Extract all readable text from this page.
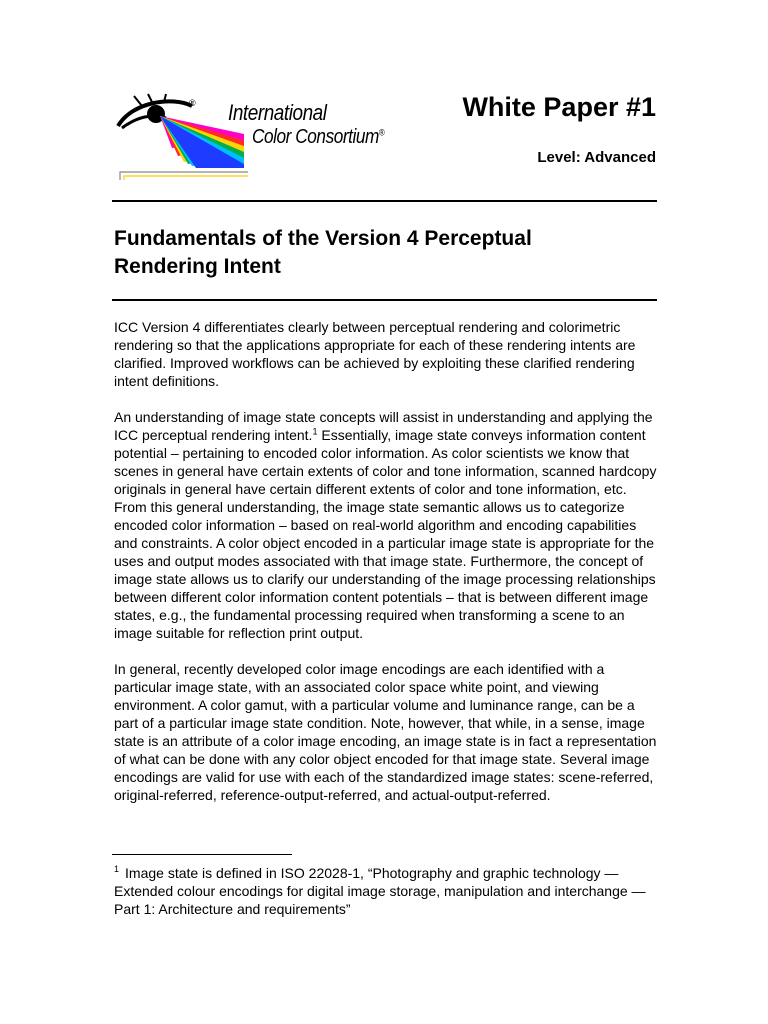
® International
Color Consortium®
White Paper #1
Level: Advanced
Fundamentals of the Version 4 Perceptual
Rendering Intent

ICC Version 4 differentiates clearly between perceptual rendering and colorimetric rendering so that the applications appropriate for each of these rendering intents are clarified. Improved workflows can be achieved by exploiting these clarified rendering intent definitions.

An understanding of image state concepts will assist in understanding and applying the ICC perceptual rendering intent.$^1$ Essentially, image state conveys information content potential – pertaining to encoded color information. As color scientists we know that scenes in general have certain extents of color and tone information, scanned hardcopy originals in general have certain different extents of color and tone information, etc. From this general understanding, the image state semantic allows us to categorize encoded color information – based on real-world algorithm and encoding capabilities and constraints. A color object encoded in a particular image state is appropriate for the uses and output modes associated with that image state. Furthermore, the concept of image state allows us to clarify our understanding of the image processing relationships between different color information content potentials – that is between different image states, e.g., the fundamental processing required when transforming a scene to an image suitable for reflection print output.

In general, recently developed color image encodings are each identified with a particular image state, with an associated color space white point, and viewing environment. A color gamut, with a particular volume and luminance range, can be a part of a particular image state condition. Note, however, that while, in a sense, image state is an attribute of a color image encoding, an image state is in fact a representation of what can be done with any color object encoded for that image state. Several image encodings are valid for use with each of the standardized image states: scene-referred, original-referred, reference-output-referred, and actual-output-referred.

$^1$ Image state is defined in ISO 22028-1, “Photography and graphic technology — Extended colour encodings for digital image storage, manipulation and interchange — Part 1: Architecture and requirements”
